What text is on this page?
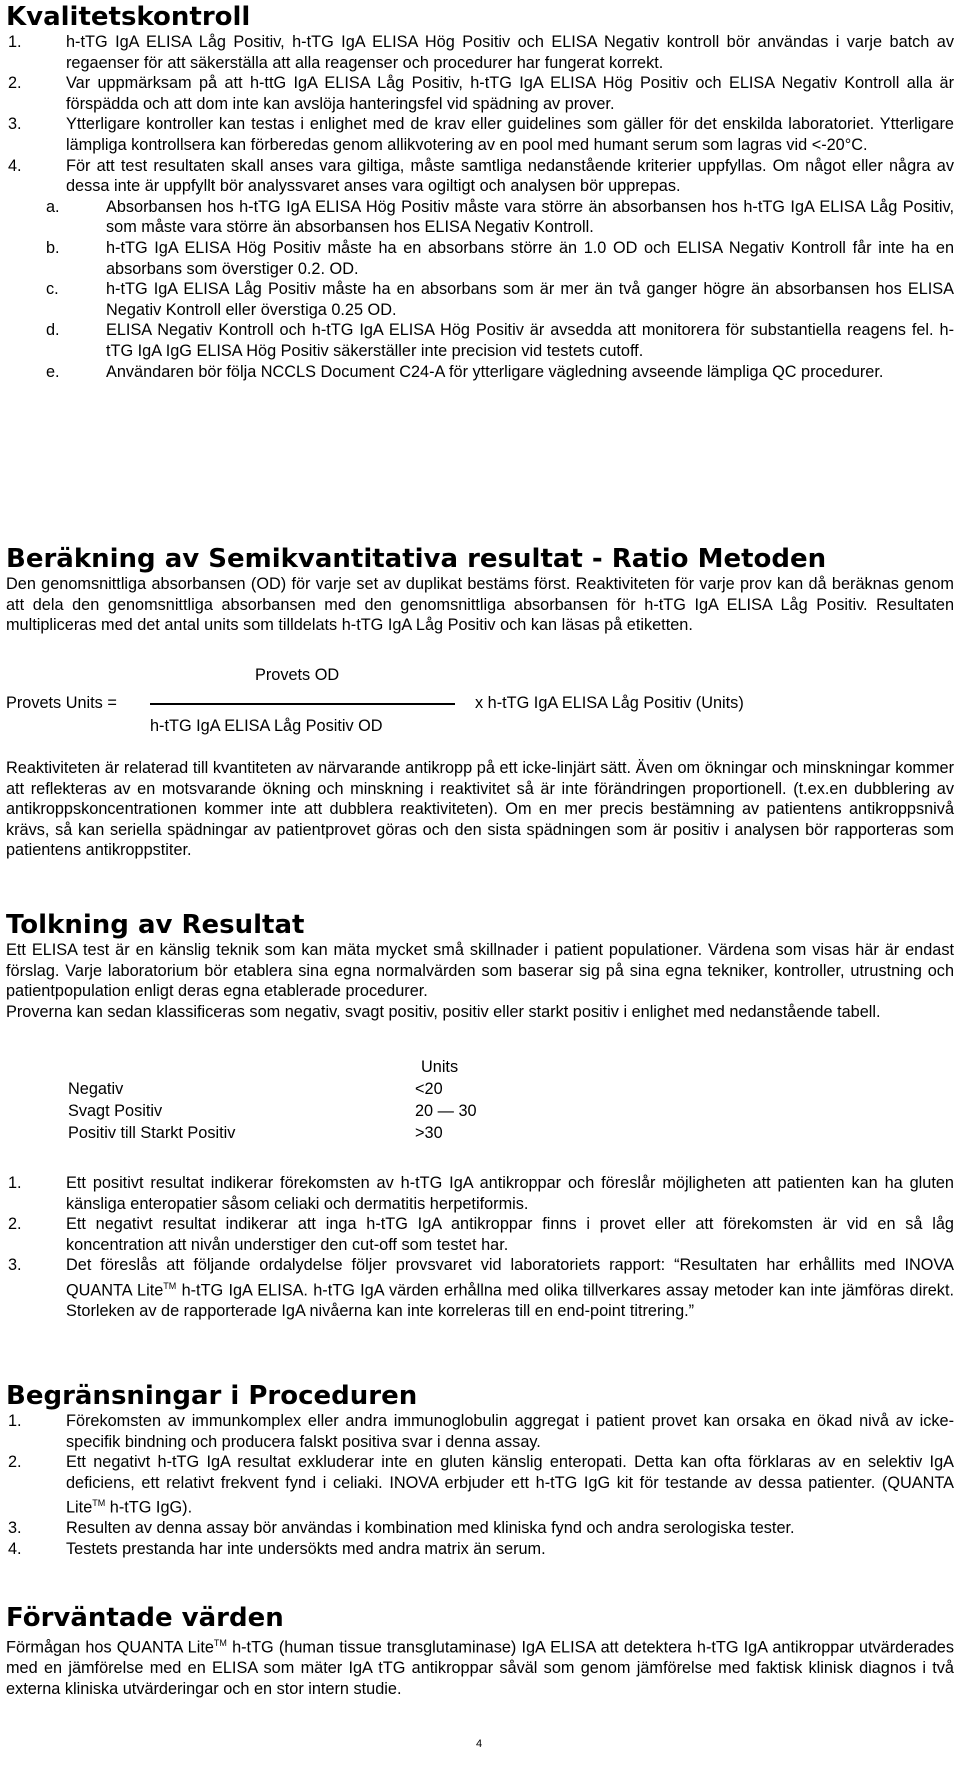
Kvalitetskontroll
1.	h-tTG IgA ELISA Låg Positiv, h-tTG IgA ELISA Hög Positiv och ELISA Negativ kontroll bör användas i varje batch av regaenser för att säkerställa att alla reagenser och procedurer har fungerat korrekt.
2.	Var uppmärksam på att h-ttG IgA ELISA Låg Positiv, h-tTG IgA ELISA Hög Positiv och ELISA Negativ Kontroll alla är förspädda och att dom inte kan avslöja hanteringsfel vid spädning av prover.
3.	Ytterligare kontroller kan testas i enlighet med de krav eller guidelines som gäller för det enskilda laboratoriet. Ytterligare lämpliga kontrollsera kan förberedas genom allikvotering av en pool med humant serum som lagras vid <-20°C.
4.	För att test resultaten skall anses vara giltiga, måste samtliga nedanstående kriterier uppfyllas. Om något eller några av dessa inte är uppfyllt bör analyssvaret anses vara ogiltigt och analysen bör upprepas.
a.	Absorbansen hos h-tTG IgA ELISA Hög Positiv måste vara större än absorbansen hos h-tTG IgA ELISA Låg Positiv, som måste vara större än absorbansen hos ELISA Negativ Kontroll.
b.	h-tTG IgA ELISA Hög Positiv måste ha en absorbans större än 1.0 OD och ELISA Negativ Kontroll får inte ha en absorbans som överstiger 0.2. OD.
c.	h-tTG IgA ELISA Låg Positiv måste ha en absorbans som är mer än två ganger högre än absorbansen hos ELISA Negativ Kontroll eller överstiga 0.25 OD.
d.	ELISA Negativ Kontroll och h-tTG IgA ELISA Hög Positiv är avsedda att monitorera för substantiella reagens fel. h-tTG IgA IgG ELISA Hög Positiv säkerställer inte precision vid testets cutoff.
e.	Användaren bör följa NCCLS Document C24-A för ytterligare vägledning avseende lämpliga QC procedurer.
Beräkning av Semikvantitativa resultat - Ratio Metoden

Den genomsnittliga absorbansen (OD) för varje set av duplikat bestäms först. Reaktiviteten för varje prov kan då beräknas genom att dela den genomsnittliga absorbansen med den genomsnittliga absorbansen för h-tTG IgA ELISA Låg Positiv. Resultaten multipliceras med det antal units som tilldelats h-tTG IgA Låg Positiv och kan läsas på etiketten.

Provets OD
Provets Units =	x h-tTG IgA ELISA Låg Positiv (Units)
h-tTG IgA ELISA Låg Positiv OD

Reaktiviteten är relaterad till kvantiteten av närvarande antikropp på ett icke-linjärt sätt. Även om ökningar och minskningar kommer att reflekteras av en motsvarande ökning och minskning i reaktivitet så är inte förändringen proportionell. (t.ex.en dubblering av antikroppskoncentrationen kommer inte att dubblera reaktiviteten). Om en mer precis bestämning av patientens antikroppsnivå krävs, så kan seriella spädningar av patientprovet göras och den sista spädningen som är positiv i analysen bör rapporteras som patientens antikroppstiter.

Tolkning av Resultat

Ett ELISA test är en känslig teknik som kan mäta mycket små skillnader i patient populationer. Värdena som visas här är endast förslag. Varje laboratorium bör etablera sina egna normalvärden som baserar sig på sina egna tekniker, kontroller, utrustning och patientpopulation enligt deras egna etablerade procedurer.

Proverna kan sedan klassificeras som negativ, svagt positiv, positiv eller starkt positiv i enlighet med nedanstående tabell.

	Units
Negativ	<20
Svagt Positiv	20 — 30
Positiv till Starkt Positiv	>30
1.	Ett positivt resultat indikerar förekomsten av h-tTG IgA antikroppar och föreslår möjligheten att patienten kan ha gluten känsliga enteropatier såsom celiaki och dermatitis herpetiformis.
2.	Ett negativt resultat indikerar att inga h-tTG IgA antikroppar finns i provet eller att förekomsten är vid en så låg koncentration att nivån understiger den cut-off som testet har.
3.	Det föreslås att följande ordalydelse följer provsvaret vid laboratoriets rapport: “Resultaten har erhållits med INOVA QUANTA Lite™ h-tTG IgA ELISA. h-tTG IgA värden erhållna med olika tillverkares assay metoder kan inte jämföras direkt. Storleken av de rapporterade IgA nivåerna kan inte korreleras till en end-point titrering.”
Begränsningar i Proceduren
1.	Förekomsten av immunkomplex eller andra immunoglobulin aggregat i patient provet kan orsaka en ökad nivå av icke-specifik bindning och producera falskt positiva svar i denna assay.
2.	Ett negativt h-tTG IgA resultat exkluderar inte en gluten känslig enteropati. Detta kan ofta förklaras av en selektiv IgA deficiens, ett relativt frekvent fynd i celiaki. INOVA erbjuder ett h-tTG IgG kit för testande av dessa patienter. (QUANTA Lite™ h-tTG IgG).
3.	Resulten av denna assay bör användas i kombination med kliniska fynd och andra serologiska tester.
4.	Testets prestanda har inte undersökts med andra matrix än serum.
Förväntade värden

Förmågan hos QUANTA Lite™ h-tTG (human tissue transglutaminase) IgA ELISA att detektera h-tTG IgA antikroppar utvärderades med en jämförelse med en ELISA som mäter IgA tTG antikroppar såväl som genom jämförelse med faktisk klinisk diagnos i två externa kliniska utvärderingar och en stor intern studie.

4
